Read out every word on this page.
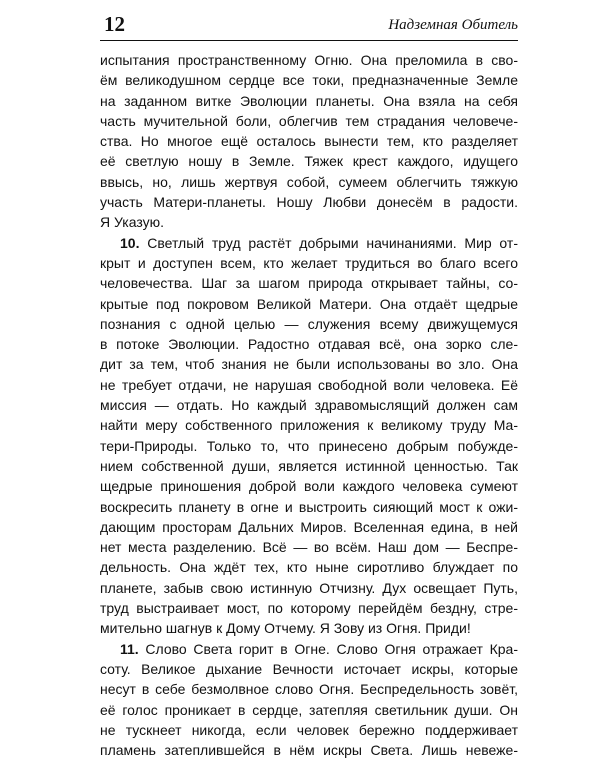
12	Надземная Обитель
испытания пространственному Огню. Она преломила в сво-
ём великодушном сердце все токи, предназначенные Земле
на заданном витке Эволюции планеты. Она взяла на себя
часть мучительной боли, облегчив тем страдания человече-
ства. Но многое ещё осталось вынести тем, кто разделяет
её светлую ношу в Земле. Тяжек крест каждого, идущего
ввысь, но, лишь жертвуя собой, сумеем облегчить тяжкую
участь Матери-планеты. Ношу Любви донесём в радости.
Я Указую.
10. Светлый труд растёт добрыми начинаниями. Мир от-
крыт и доступен всем, кто желает трудиться во благо всего
человечества. Шаг за шагом природа открывает тайны, со-
крытые под покровом Великой Матери. Она отдаёт щедрые
познания с одной целью — служения всему движущемуся
в потоке Эволюции. Радостно отдавая всё, она зорко сле-
дит за тем, чтоб знания не были использованы во зло. Она
не требует отдачи, не нарушая свободной воли человека. Её
миссия — отдать. Но каждый здравомыслящий должен сам
найти меру собственного приложения к великому труду Ма-
тери-Природы. Только то, что принесено добрым побужде-
нием собственной души, является истинной ценностью. Так
щедрые приношения доброй воли каждого человека сумеют
воскресить планету в огне и выстроить сияющий мост к ожи-
дающим просторам Дальних Миров. Вселенная едина, в ней
нет места разделению. Всё — во всём. Наш дом — Беспре-
дельность. Она ждёт тех, кто ныне сиротливо блуждает по
планете, забыв свою истинную Отчизну. Дух освещает Путь,
труд выстраивает мост, по которому перейдём бездну, стре-
мительно шагнув к Дому Отчему. Я Зову из Огня. Приди!
11. Слово Света горит в Огне. Слово Огня отражает Кра-
соту. Великое дыхание Вечности источает искры, которые
несут в себе безмолвное слово Огня. Беспредельность зовёт,
её голос проникает в сердце, затепляя светильник души. Он
не тускнеет никогда, если человек бережно поддерживает
пламень затеплившейся в нём искры Света. Лишь невеже-
